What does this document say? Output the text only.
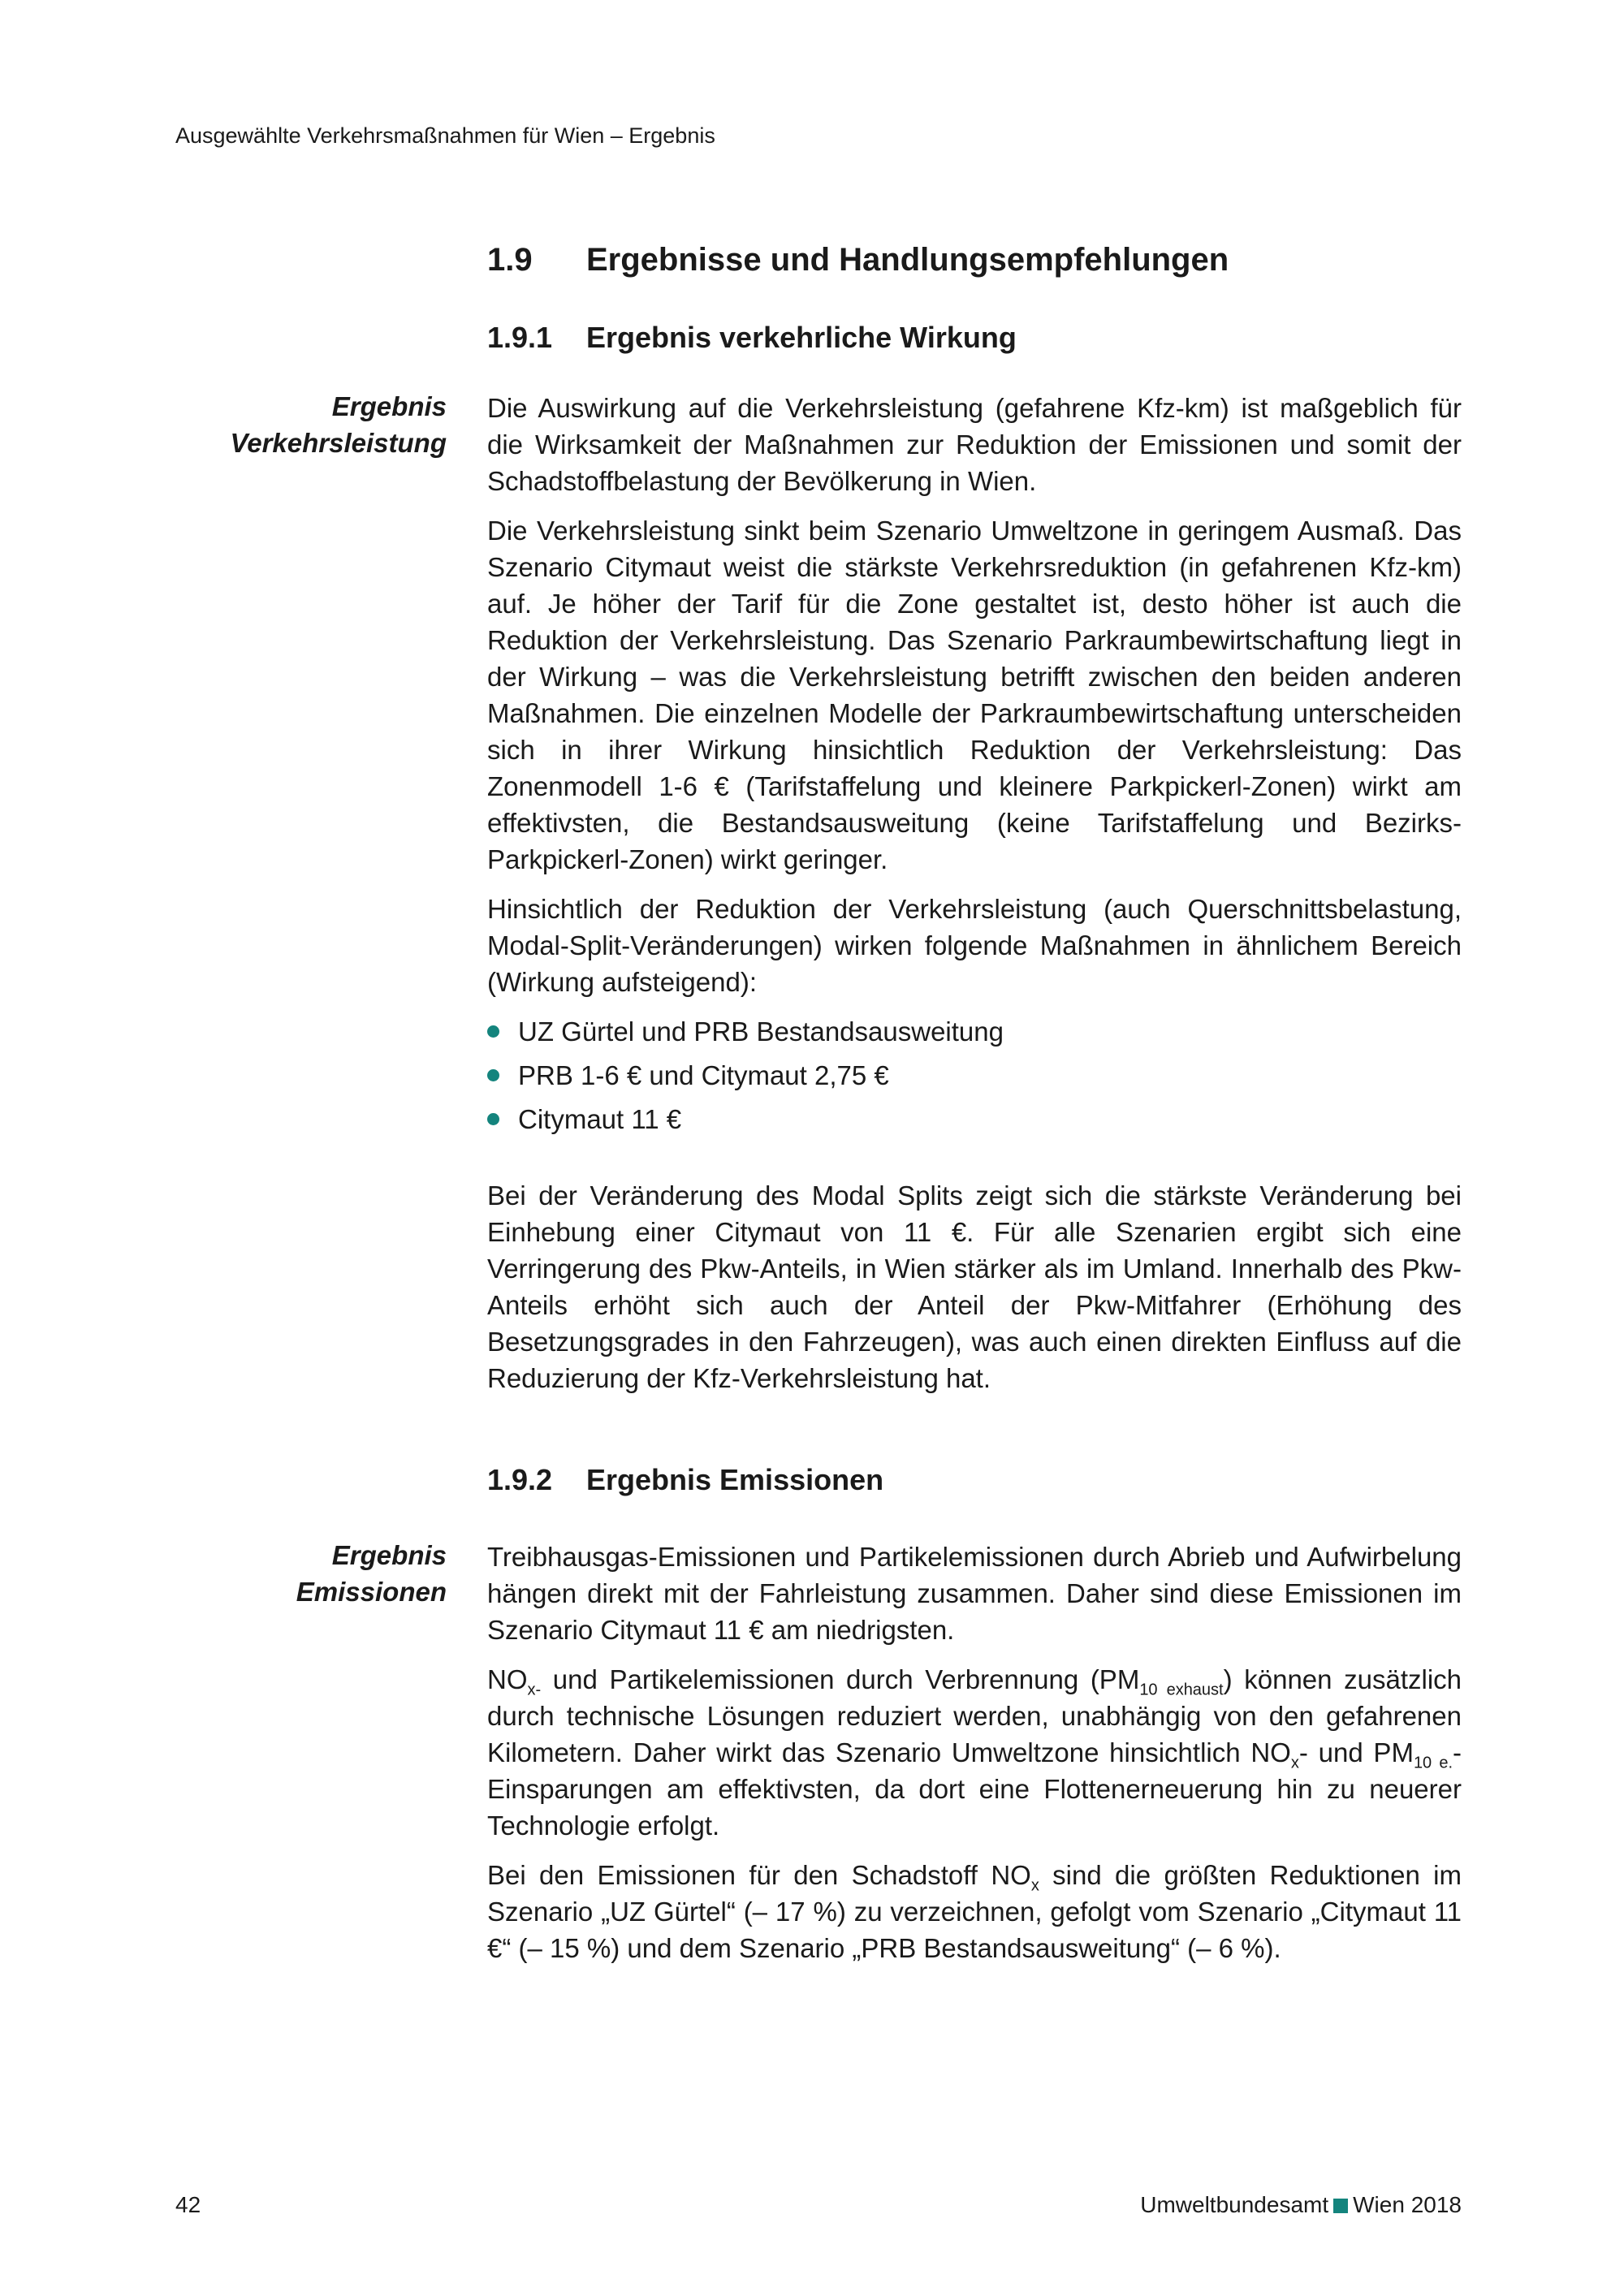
Ausgewählte Verkehrsmaßnahmen für Wien – Ergebnis
1.9 Ergebnisse und Handlungsempfehlungen
1.9.1 Ergebnis verkehrliche Wirkung
Ergebnis
Verkehrsleistung

Die Auswirkung auf die Verkehrsleistung (gefahrene Kfz-km) ist maßgeblich für die Wirksamkeit der Maßnahmen zur Reduktion der Emissionen und somit der Schadstoffbelastung der Bevölkerung in Wien.

Die Verkehrsleistung sinkt beim Szenario Umweltzone in geringem Ausmaß. Das Szenario Citymaut weist die stärkste Verkehrsreduktion (in gefahrenen Kfz-km) auf. Je höher der Tarif für die Zone gestaltet ist, desto höher ist auch die Reduktion der Verkehrsleistung. Das Szenario Parkraumbewirtschaftung liegt in der Wirkung – was die Verkehrsleistung betrifft zwischen den beiden anderen Maßnahmen. Die einzelnen Modelle der Parkraumbewirtschaftung unterscheiden sich in ihrer Wirkung hinsichtlich Reduktion der Verkehrsleistung: Das Zonenmodell 1-6 € (Tarifstaffelung und kleinere Parkpickerl-Zonen) wirkt am effektivsten, die Bestandsausweitung (keine Tarifstaffelung und Bezirks-Parkpickerl-Zonen) wirkt geringer.

Hinsichtlich der Reduktion der Verkehrsleistung (auch Querschnittsbelastung, Modal-Split-Veränderungen) wirken folgende Maßnahmen in ähnlichem Bereich (Wirkung aufsteigend):

UZ Gürtel und PRB Bestandsausweitung
PRB 1-6 € und Citymaut 2,75 €
Citymaut 11 €

Bei der Veränderung des Modal Splits zeigt sich die stärkste Veränderung bei Einhebung einer Citymaut von 11 €. Für alle Szenarien ergibt sich eine Verringerung des Pkw-Anteils, in Wien stärker als im Umland. Innerhalb des Pkw-Anteils erhöht sich auch der Anteil der Pkw-Mitfahrer (Erhöhung des Besetzungsgrades in den Fahrzeugen), was auch einen direkten Einfluss auf die Reduzierung der Kfz-Verkehrsleistung hat.

1.9.2 Ergebnis Emissionen
Ergebnis
Emissionen

Treibhausgas-Emissionen und Partikelemissionen durch Abrieb und Aufwirbelung hängen direkt mit der Fahrleistung zusammen. Daher sind diese Emissionen im Szenario Citymaut 11 € am niedrigsten.

$NO_{x-}$ und Partikelemissionen durch Verbrennung $(PM_{10 exhaust})$ können zusätzlich durch technische Lösungen reduziert werden, unabhängig von den gefahrenen Kilometern. Daher wirkt das Szenario Umweltzone hinsichtlich $NO_x-$ und $PM_{10 e.}$-Einsparungen am effektivsten, da dort eine Flottenerneuerung hin zu neuerer Technologie erfolgt.

Bei den Emissionen für den Schadstoff $NO_x$ sind die größten Reduktionen im Szenario „UZ Gürtel“ (– 17 %) zu verzeichnen, gefolgt vom Szenario „Citymaut 11 €“ (– 15 %) und dem Szenario „PRB Bestandsausweitung“ (– 6 %).

42	Umweltbundesamt Wien 2018
